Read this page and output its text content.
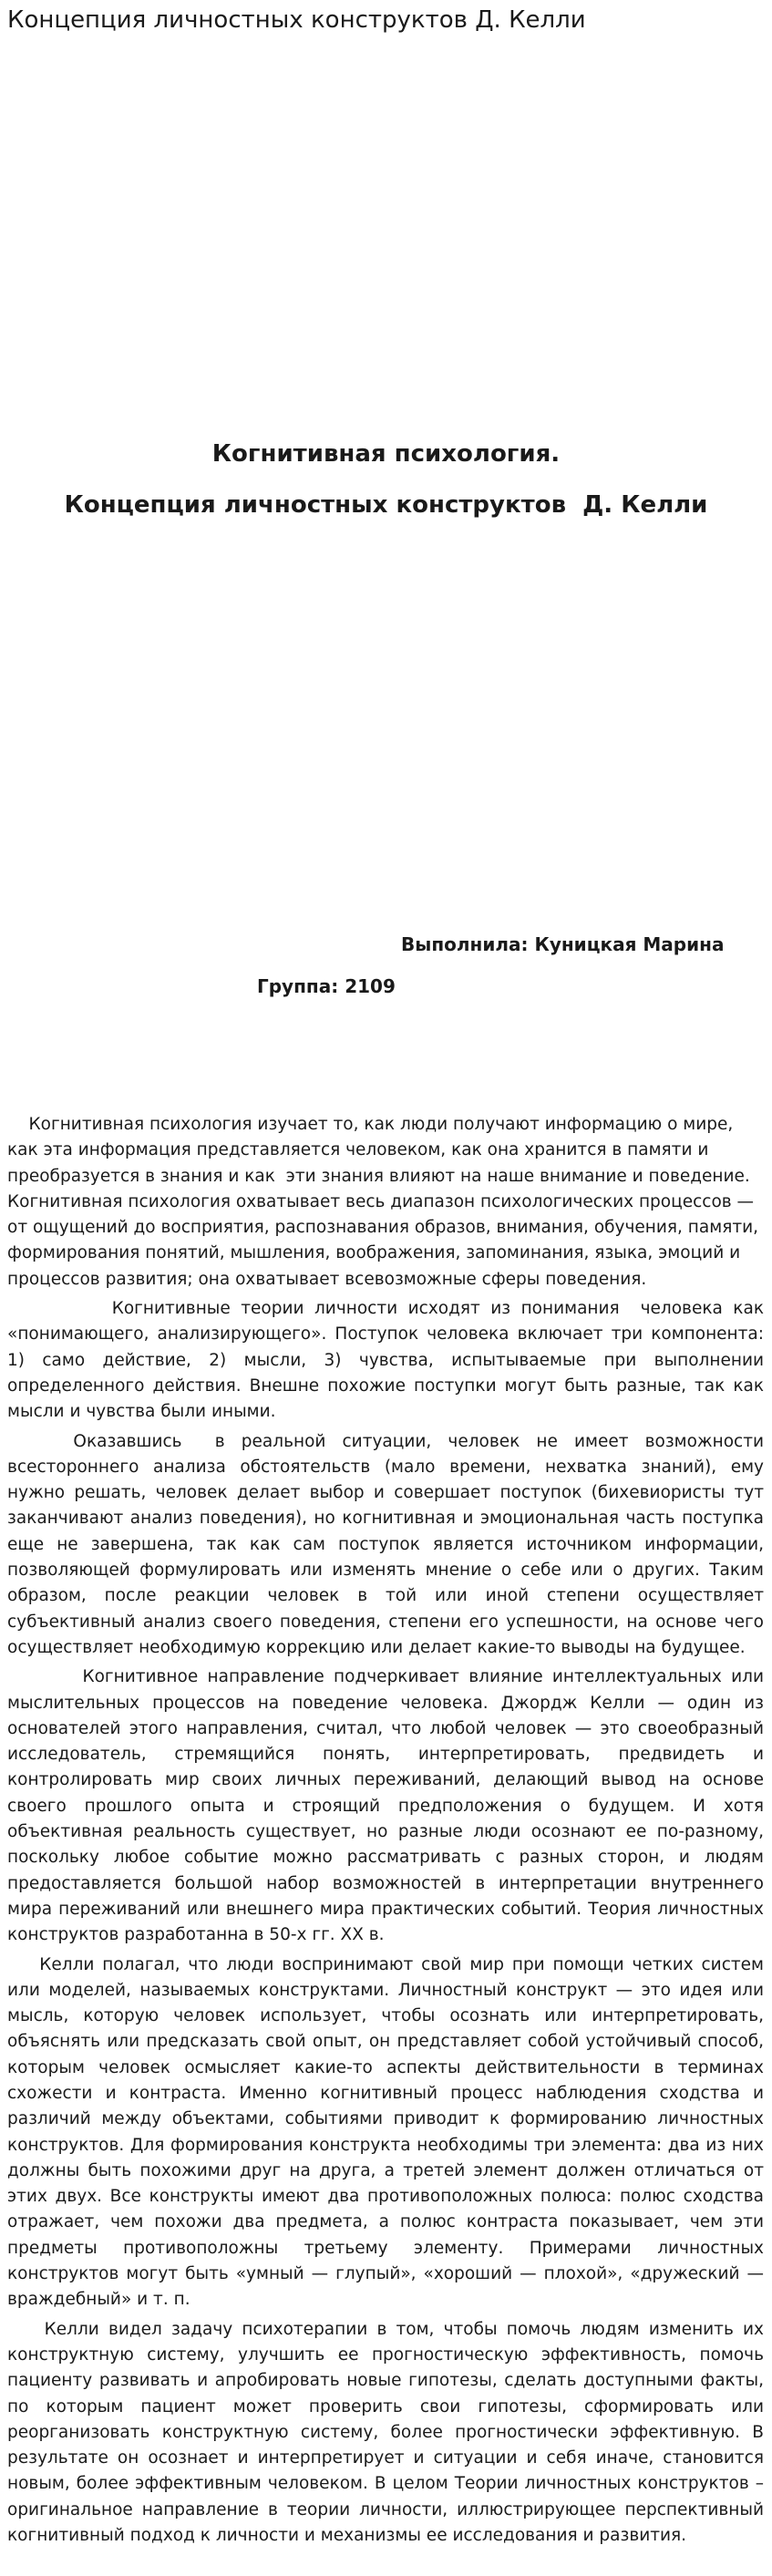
Концепция личностных конструктов Д. Келли
Когнитивная психология.
Концепция личностных конструктов  Д. Келли
Выполнила: Куницкая Марина
Группа: 2109

Когнитивная психология изучает то, как люди получают информацию о мире, как эта информация представляется человеком, как она хранится в памяти и преобразуется в знания и как  эти знания влияют на наше внимание и поведение. Когнитивная психология охватывает весь диапазон психологических процессов — от ощущений до восприятия, распознавания образов, внимания, обучения, памяти, формирования понятий, мышления, воображения, запоминания, языка, эмоций и процессов развития; она охватывает всевозможные сферы поведения.

Когнитивные теории личности исходят из понимания  человека как «понимающего, анализирующего». Поступок человека включает три компонента: 1) само действие, 2) мысли, 3) чувства, испытываемые при выполнении определенного действия. Внешне похожие поступки могут быть разные, так как мысли и чувства были иными.

Оказавшись  в реальной ситуации, человек не имеет возможности всестороннего анализа обстоятельств (мало времени, нехватка знаний), ему нужно решать, человек делает выбор и совершает поступок (бихевиористы тут заканчивают анализ поведения), но когнитивная и эмоциональная часть поступка еще не завершена, так как сам поступок является источником информации, позволяющей формулировать или изменять мнение о себе или о других. Таким образом, после реакции человек в той или иной степени осуществляет субъективный анализ своего поведения, степени его успешности, на основе чего осуществляет необходимую коррекцию или делает какие-то выводы на будущее.

Когнитивное направление подчеркивает влияние интеллектуальных или мыслительных процессов на поведение человека. Джордж Келли — один из основателей этого направления, считал, что любой человек — это своеобразный исследователь, стремящийся понять, интерпретировать, предвидеть и контролировать мир своих личных переживаний, делающий вывод на основе своего прошлого опыта и строящий предположения о будущем. И хотя объективная реальность существует, но разные люди осознают ее по-разному, поскольку любое событие можно рассматривать с разных сторон, и людям предоставляется большой набор возможностей в интерпретации внутреннего мира переживаний или внешнего мира практических событий. Теория личностных конструктов разработанна в 50-х гг. XX в.

Келли полагал, что люди воспринимают свой мир при помощи четких систем или моделей, называемых конструктами. Личностный конструкт — это идея или мысль, которую человек использует, чтобы осознать или интерпретировать, объяснять или предсказать свой опыт, он представляет собой устойчивый способ, которым человек осмысляет какие-то аспекты действительности в терминах схожести и контраста. Именно когнитивный процесс наблюдения сходства и различий между объектами, событиями приводит к формированию личностных конструктов. Для формирования конструкта необходимы три элемента: два из них должны быть похожими друг на друга, а третей элемент должен отличаться от этих двух. Все конструкты имеют два противоположных полюса: полюс сходства отражает, чем похожи два предмета, а полюс контраста показывает, чем эти предметы противоположны третьему элементу. Примерами личностных конструктов могут быть «умный — глупый», «хороший — плохой», «дружеский — враждебный» и т. п.

Келли видел задачу психотерапии в том, чтобы помочь людям изменить их конструктную систему, улучшить ее прогностическую эффективность, помочь пациенту развивать и апробировать новые гипотезы, сделать доступными факты, по которым пациент может проверить свои гипотезы, сформировать или реорганизовать конструктную систему, более прогностически эффективную. В результате он осознает и интерпретирует и ситуации и себя иначе, становится новым, более эффективным человеком. В целом Теории личностных конструктов – оригинальное направление в теории личности, иллюстрирующее перспективный когнитивный подход к личности и механизмы ее исследования и развития.
